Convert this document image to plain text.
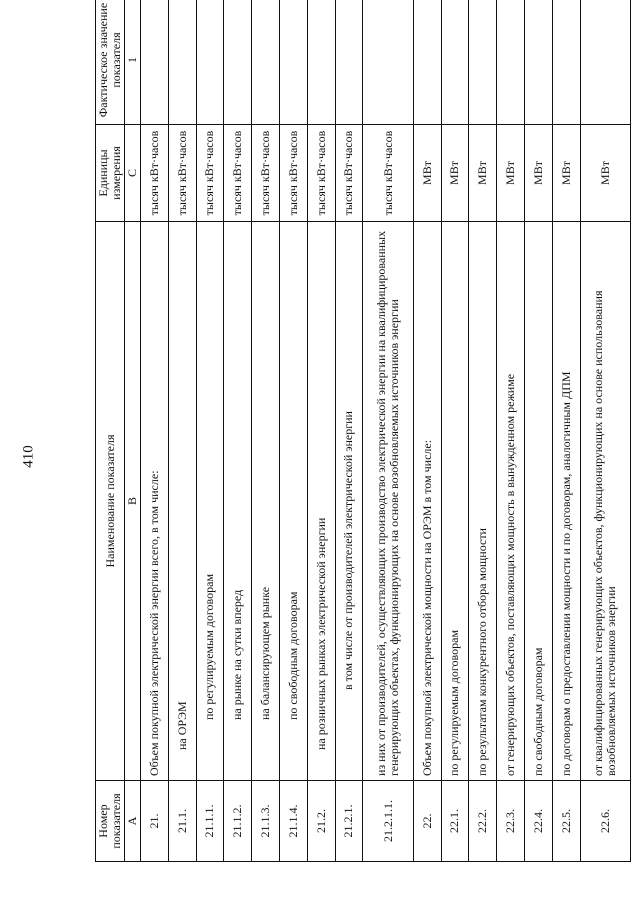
410
Номер показателя	Наименование показателя	Единицы измерения	Фактическое значение показателя
А	В	С	1
21.	Объем покупной электрической энергии всего, в том числе:	тысяч кВт·часов	
21.1.	на ОРЭМ	тысяч кВт·часов	
21.1.1.	по регулируемым договорам	тысяч кВт·часов	
21.1.2.	на рынке на сутки вперед	тысяч кВт·часов	
21.1.3.	на балансирующем рынке	тысяч кВт·часов	
21.1.4.	по свободным договорам	тысяч кВт·часов	
21.2.	на розничных рынках электрической энергии	тысяч кВт·часов	
21.2.1.	в том числе от производителей электрической энергии	тысяч кВт·часов	
21.2.1.1.	из них от производителей, осуществляющих производство электрической энергии на квалифицированных генерирующих объектах, функционирующих на основе возобновляемых источников энергии	тысяч кВт·часов	
22.	Объем покупной электрической мощности на ОРЭМ в том числе:	МВт	
22.1.	по регулируемым договорам	МВт	
22.2.	по результатам конкурентного отбора мощности	МВт	
22.3.	от генерирующих объектов, поставляющих мощность в вынужденном режиме	МВт	
22.4.	по свободным договорам	МВт	
22.5.	по договорам о предоставлении мощности и по договорам, аналогичным ДПМ	МВт	
22.6.	от квалифицированных генерирующих объектов, функционирующих на основе использования возобновляемых источников энергии	МВт	
